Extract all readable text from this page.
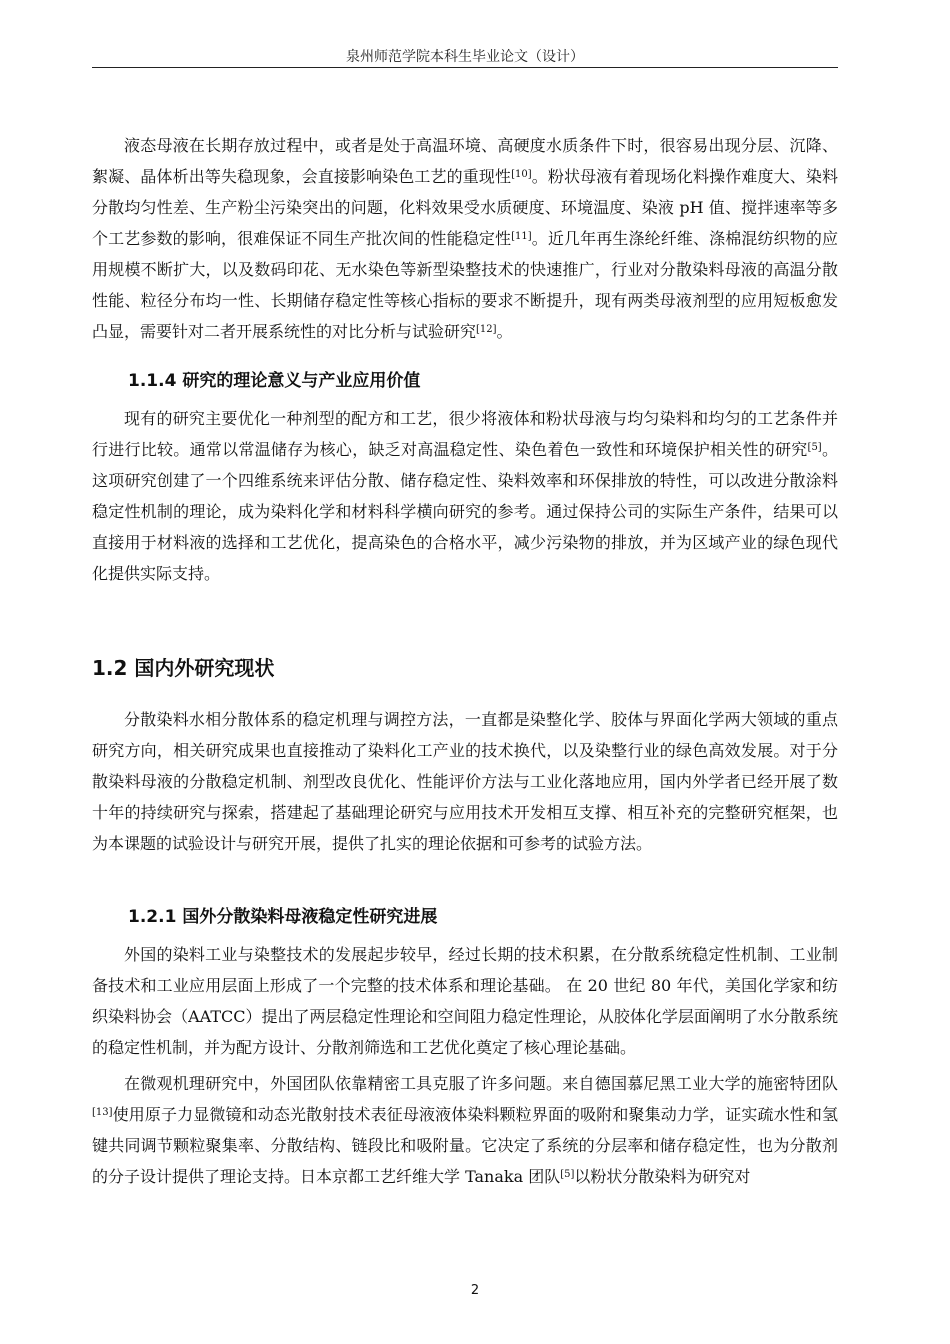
泉州师范学院本科生毕业论文（设计）

液态母液在长期存放过程中，或者是处于高温环境、高硬度水质条件下时，很容易出现分层、沉降、絮凝、晶体析出等失稳现象，会直接影响染色工艺的重现性[10]。粉状母液有着现场化料操作难度大、染料分散均匀性差、生产粉尘污染突出的问题，化料效果受水质硬度、环境温度、染液 pH 值、搅拌速率等多个工艺参数的影响，很难保证不同生产批次间的性能稳定性[11]。近几年再生涤纶纤维、涤棉混纺织物的应用规模不断扩大，以及数码印花、无水染色等新型染整技术的快速推广，行业对分散染料母液的高温分散性能、粒径分布均一性、长期储存稳定性等核心指标的要求不断提升，现有两类母液剂型的应用短板愈发凸显，需要针对二者开展系统性的对比分析与试验研究[12]。

1.1.4 研究的理论意义与产业应用价值

现有的研究主要优化一种剂型的配方和工艺，很少将液体和粉状母液与均匀染料和均匀的工艺条件并行进行比较。通常以常温储存为核心，缺乏对高温稳定性、染色着色一致性和环境保护相关性的研究[5]。这项研究创建了一个四维系统来评估分散、储存稳定性、染料效率和环保排放的特性，可以改进分散涂料稳定性机制的理论，成为染料化学和材料科学横向研究的参考。通过保持公司的实际生产条件，结果可以直接用于材料液的选择和工艺优化，提高染色的合格水平，减少污染物的排放，并为区域产业的绿色现代化提供实际支持。

1.2 国内外研究现状

分散染料水相分散体系的稳定机理与调控方法，一直都是染整化学、胶体与界面化学两大领域的重点研究方向，相关研究成果也直接推动了染料化工产业的技术换代，以及染整行业的绿色高效发展。对于分散染料母液的分散稳定机制、剂型改良优化、性能评价方法与工业化落地应用，国内外学者已经开展了数十年的持续研究与探索，搭建起了基础理论研究与应用技术开发相互支撑、相互补充的完整研究框架，也为本课题的试验设计与研究开展，提供了扎实的理论依据和可参考的试验方法。

1.2.1 国外分散染料母液稳定性研究进展

外国的染料工业与染整技术的发展起步较早，经过长期的技术积累，在分散系统稳定性机制、工业制备技术和工业应用层面上形成了一个完整的技术体系和理论基础。 在 20 世纪 80 年代，美国化学家和纺织染料协会（AATCC）提出了两层稳定性理论和空间阻力稳定性理论，从胶体化学层面阐明了水分散系统的稳定性机制，并为配方设计、分散剂筛选和工艺优化奠定了核心理论基础。

在微观机理研究中，外国团队依靠精密工具克服了许多问题。来自德国慕尼黑工业大学的施密特团队[13]使用原子力显微镜和动态光散射技术表征母液液体染料颗粒界面的吸附和聚集动力学，证实疏水性和氢键共同调节颗粒聚集率、分散结构、链段比和吸附量。它决定了系统的分层率和储存稳定性，也为分散剂的分子设计提供了理论支持。日本京都工艺纤维大学 Tanaka 团队[5]以粉状分散染料为研究对

2
